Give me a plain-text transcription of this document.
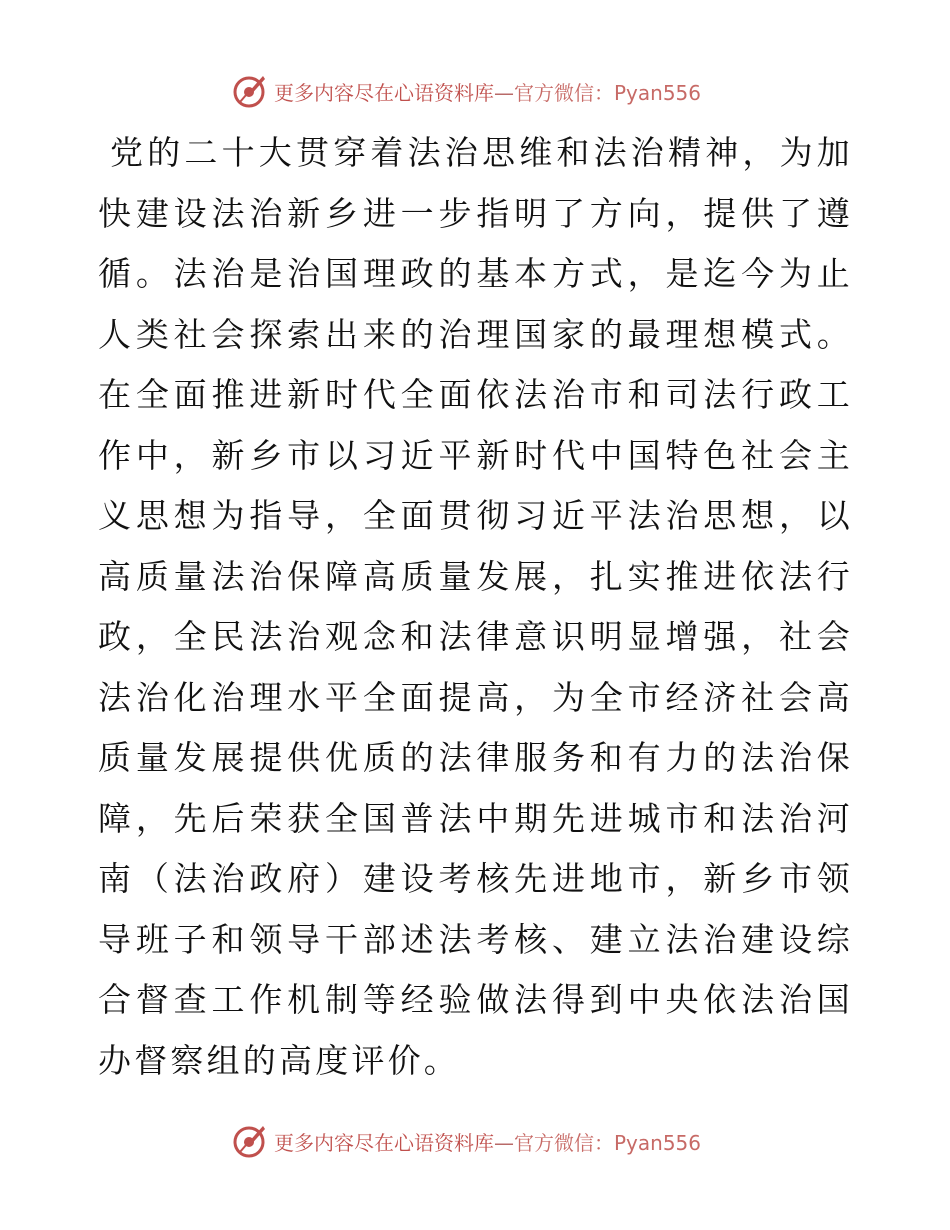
更多内容尽在心语资料库—官方微信：Pyan556

党的二十大贯穿着法治思维和法治精神，为加快建设法治新乡进一步指明了方向，提供了遵循。法治是治国理政的基本方式，是迄今为止人类社会探索出来的治理国家的最理想模式。在全面推进新时代全面依法治市和司法行政工作中，新乡市以习近平新时代中国特色社会主义思想为指导，全面贯彻习近平法治思想，以高质量法治保障高质量发展，扎实推进依法行政，全民法治观念和法律意识明显增强，社会法治化治理水平全面提高，为全市经济社会高质量发展提供优质的法律服务和有力的法治保障，先后荣获全国普法中期先进城市和法治河南（法治政府）建设考核先进地市，新乡市领导班子和领导干部述法考核、建立法治建设综合督查工作机制等经验做法得到中央依法治国办督察组的高度评价。

更多内容尽在心语资料库—官方微信：Pyan556
